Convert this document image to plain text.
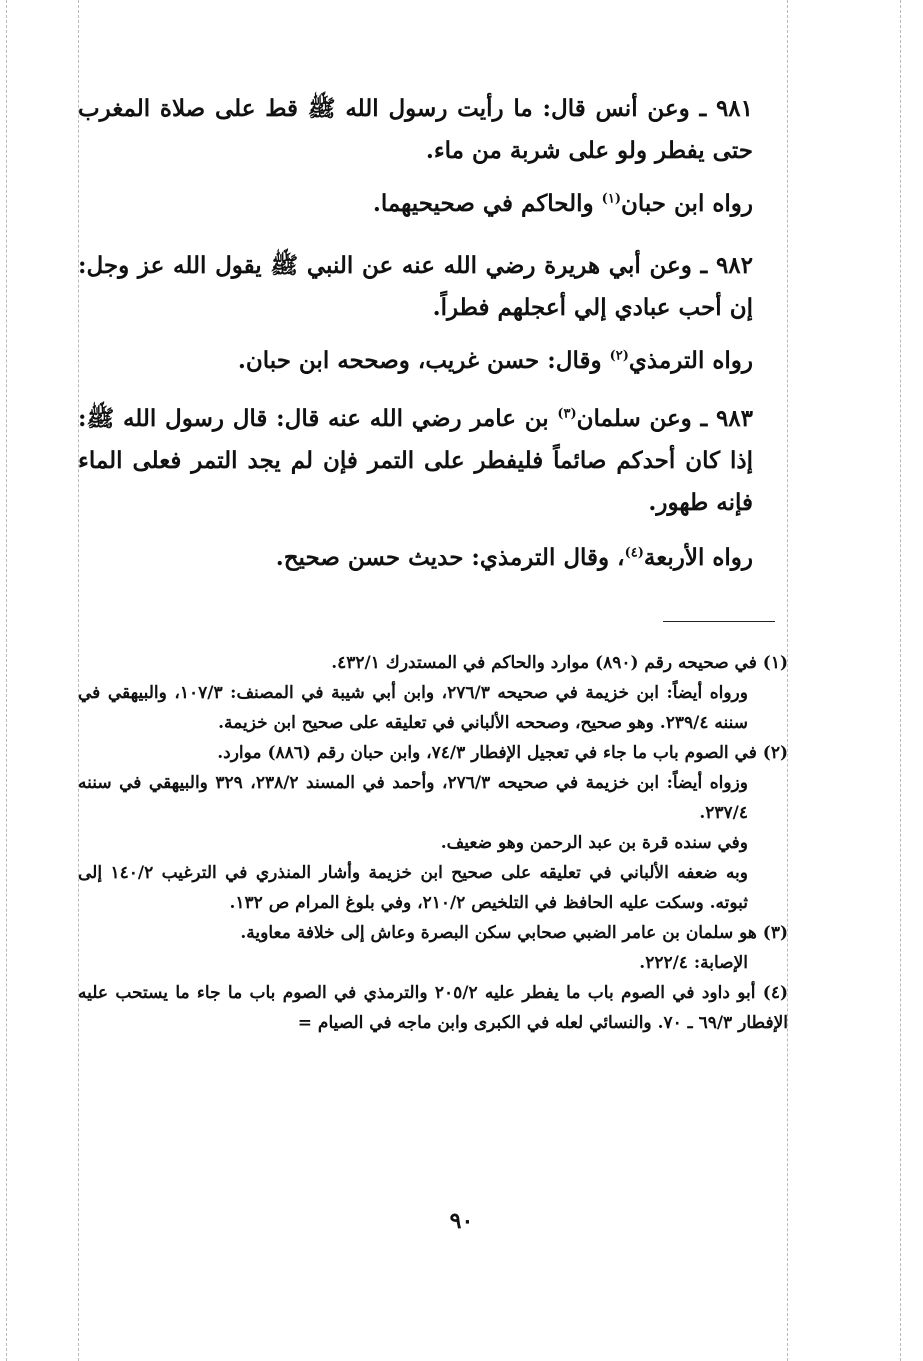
٩٨١ ـ وعن أنس قال: ما رأيت رسول الله ﷺ قط على صلاة المغرب حتى يفطر ولو على شربة من ماء.

رواه ابن حبان$^{(١)}$ والحاكم في صحيحيهما.

٩٨٢ ـ وعن أبي هريرة رضي الله عنه عن النبي ﷺ يقول الله عز وجل: إن أحب عبادي إلي أعجلهم فطراً.

رواه الترمذي$^{(٢)}$ وقال: حسن غريب، وصححه ابن حبان.

٩٨٣ ـ وعن سلمان$^{(٣)}$ بن عامر رضي الله عنه قال: قال رسول الله ﷺ: إذا كان أحدكم صائماً فليفطر على التمر فإن لم يجد التمر فعلى الماء فإنه طهور.

رواه الأربعة$^{(٤)}$، وقال الترمذي: حديث حسن صحيح.

(١) في صحيحه رقم (٨٩٠) موارد والحاكم في المستدرك ٤٣٢/١.

ورواه أيضاً: ابن خزيمة في صحيحه ٢٧٦/٣، وابن أبي شيبة في المصنف: ١٠٧/٣، والبيهقي في سننه ٢٣٩/٤. وهو صحيح، وصححه الألباني في تعليقه على صحيح ابن خزيمة.

(٢) في الصوم باب ما جاء في تعجيل الإفطار ٧٤/٣، وابن حبان رقم (٨٨٦) موارد.

وزواه أيضاً: ابن خزيمة في صحيحه ٢٧٦/٣، وأحمد في المسند ٢٣٨/٢، ٣٢٩ والبيهقي في سننه ٢٣٧/٤.

وفي سنده قرة بن عبد الرحمن وهو ضعيف.

وبه ضعفه الألباني في تعليقه على صحيح ابن خزيمة وأشار المنذري في الترغيب ١٤٠/٢ إلى ثبوته. وسكت عليه الحافظ في التلخيص ٢١٠/٢، وفي بلوغ المرام ص ١٣٢.

(٣) هو سلمان بن عامر الضبي صحابي سكن البصرة وعاش إلى خلافة معاوية.

الإصابة: ٢٢٢/٤.

(٤) أبو داود في الصوم باب ما يفطر عليه ٢٠٥/٢ والترمذي في الصوم باب ما جاء ما يستحب عليه الإفطار ٦٩/٣ ـ ٧٠. والنسائي لعله في الكبرى وابن ماجه في الصيام =

٩٠
